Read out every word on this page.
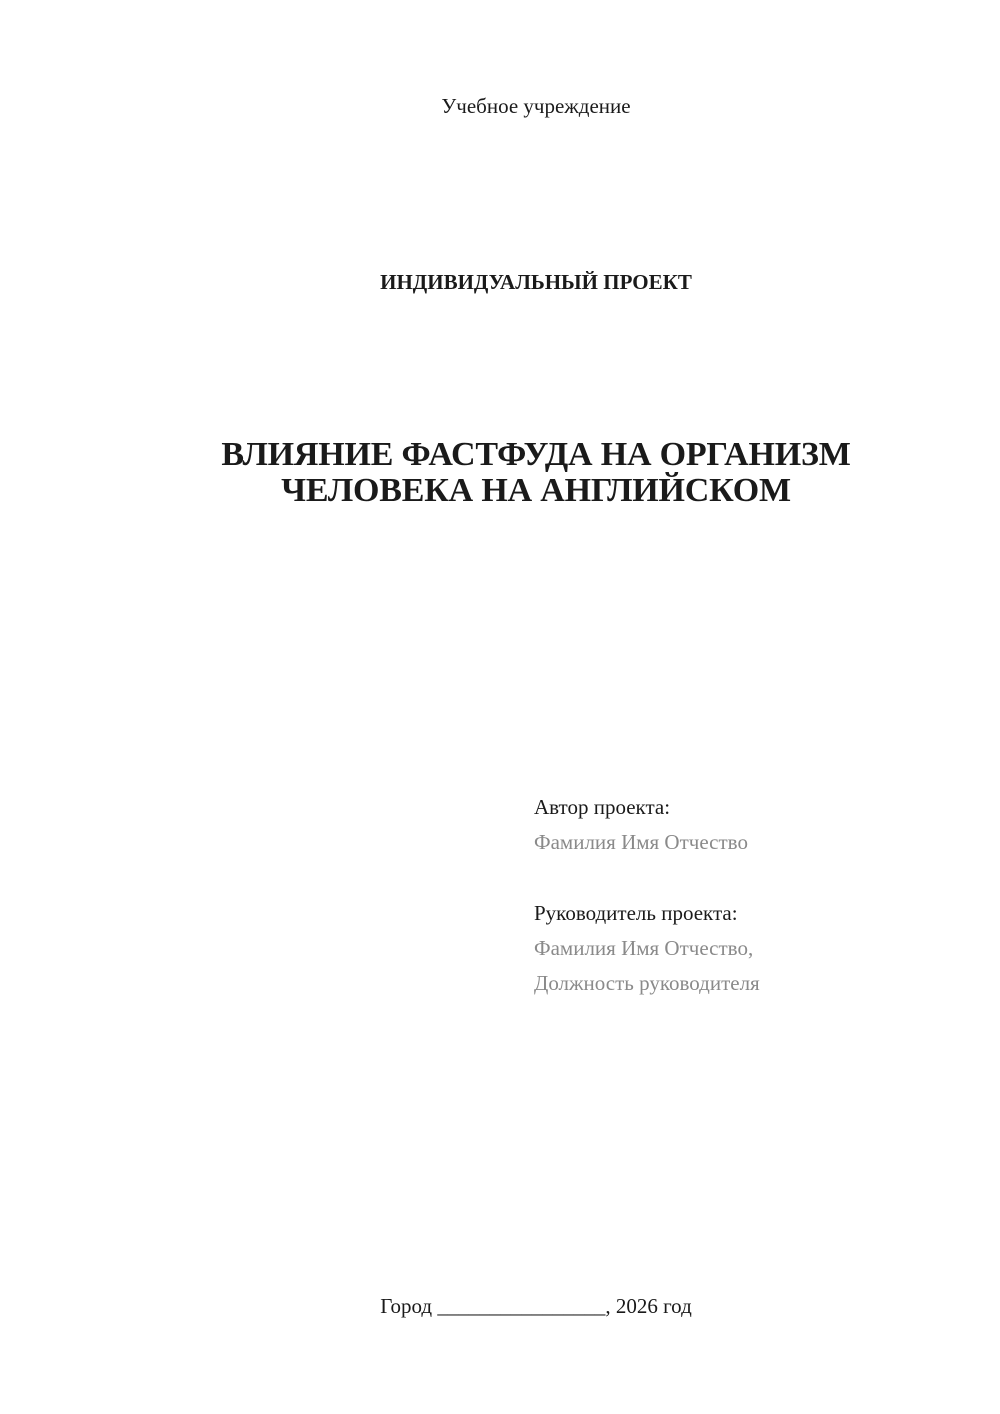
Учебное учреждение
ИНДИВИДУАЛЬНЫЙ ПРОЕКТ
ВЛИЯНИЕ ФАСТФУДА НА ОРГАНИЗМ
ЧЕЛОВЕКА НА АНГЛИЙСКОМ
Автор проекта:
Фамилия Имя Отчество
Руководитель проекта:
Фамилия Имя Отчество,
Должность руководителя
Город ________________, 2026 год
